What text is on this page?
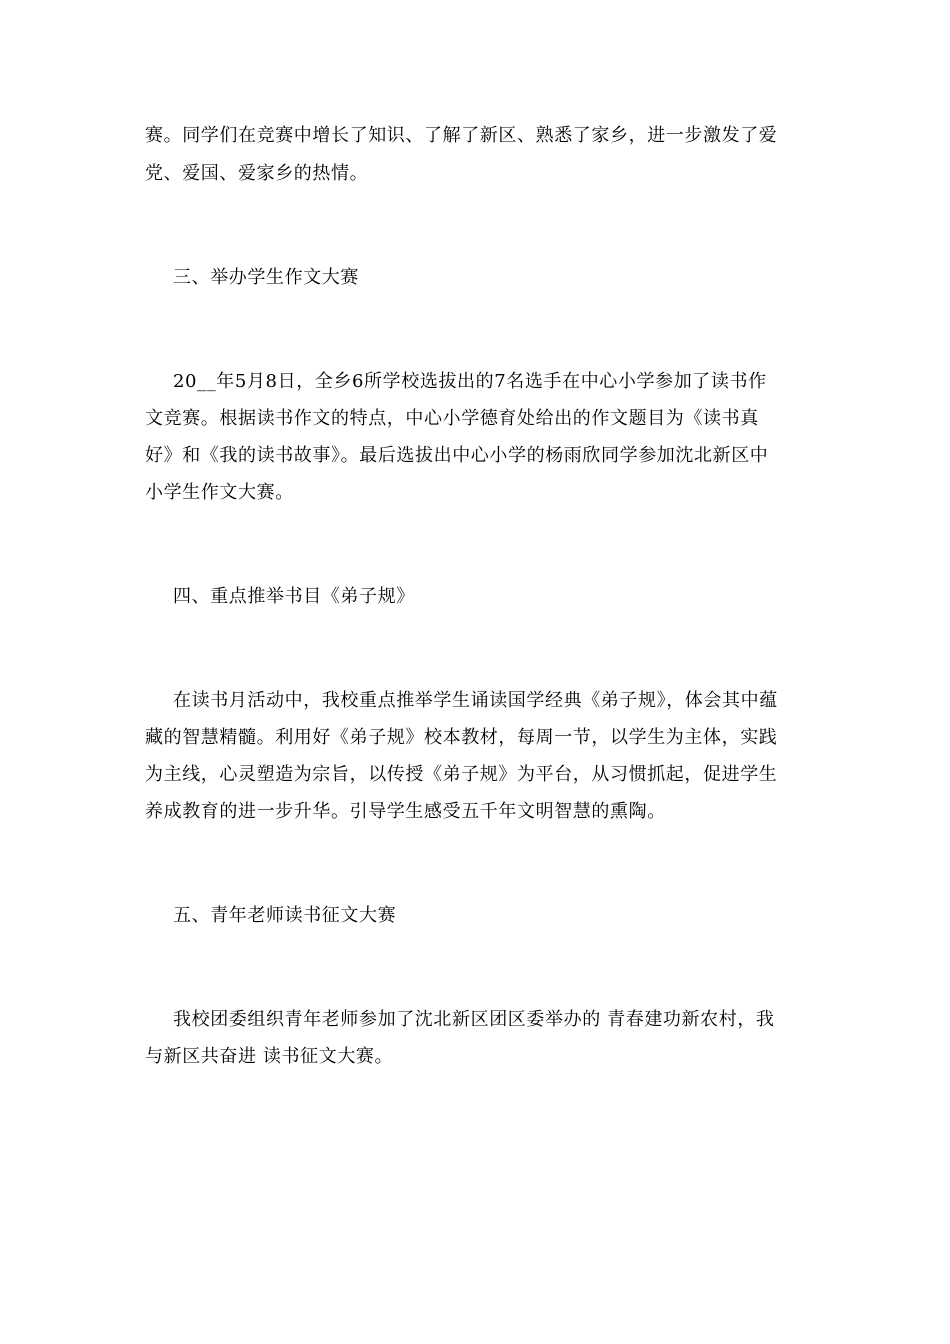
赛。同学们在竞赛中增长了知识、了解了新区、熟悉了家乡，进一步激发了爱
党、爱国、爱家乡的热情。
三、举办学生作文大赛
20__年5月8日，全乡6所学校选拔出的7名选手在中心小学参加了读书作
文竞赛。根据读书作文的特点，中心小学德育处给出的作文题目为《读书真
好》和《我的读书故事》。最后选拔出中心小学的杨雨欣同学参加沈北新区中
小学生作文大赛。
四、重点推举书目《弟子规》
在读书月活动中，我校重点推举学生诵读国学经典《弟子规》，体会其中蕴
藏的智慧精髓。利用好《弟子规》校本教材，每周一节，以学生为主体，实践
为主线，心灵塑造为宗旨，以传授《弟子规》为平台，从习惯抓起，促进学生
养成教育的进一步升华。引导学生感受五千年文明智慧的熏陶。
五、青年老师读书征文大赛
我校团委组织青年老师参加了沈北新区团区委举办的 青春建功新农村，我
与新区共奋进 读书征文大赛。
